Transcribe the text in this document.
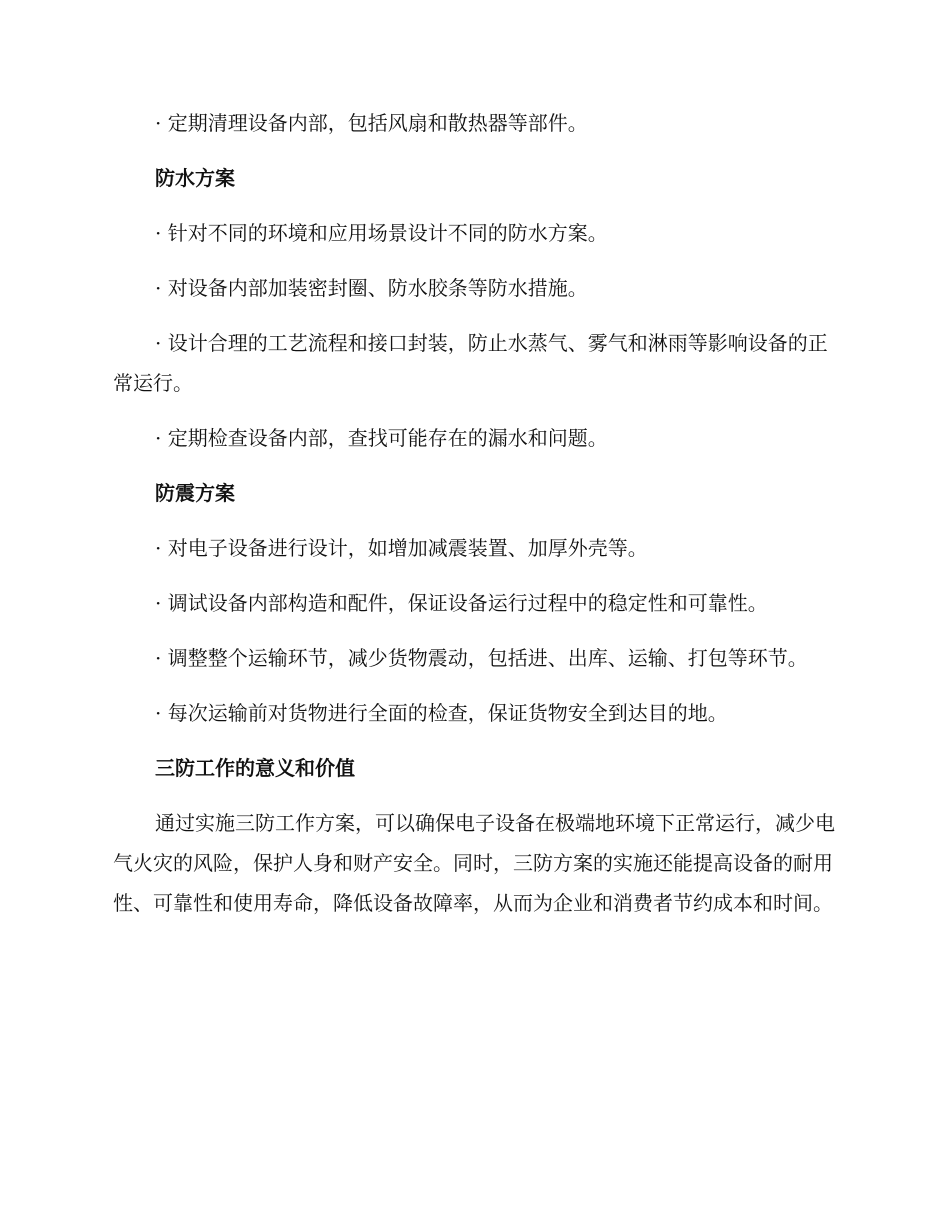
· 定期清理设备内部，包括风扇和散热器等部件。

防水方案

· 针对不同的环境和应用场景设计不同的防水方案。

· 对设备内部加装密封圈、防水胶条等防水措施。

· 设计合理的工艺流程和接口封装，防止水蒸气、雾气和淋雨等影响设备的正常运行。

· 定期检查设备内部，查找可能存在的漏水和问题。

防震方案

· 对电子设备进行设计，如增加减震装置、加厚外壳等。

· 调试设备内部构造和配件，保证设备运行过程中的稳定性和可靠性。

· 调整整个运输环节，减少货物震动，包括进、出库、运输、打包等环节。

· 每次运输前对货物进行全面的检查，保证货物安全到达目的地。

三防工作的意义和价值

通过实施三防工作方案，可以确保电子设备在极端地环境下正常运行，减少电气火灾的风险，保护人身和财产安全。同时，三防方案的实施还能提高设备的耐用性、可靠性和使用寿命，降低设备故障率，从而为企业和消费者节约成本和时间。
